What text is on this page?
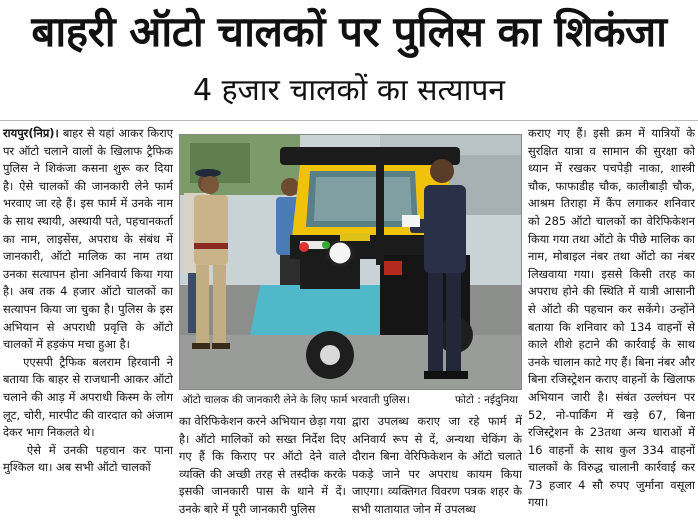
बाहरी ऑटो चालकों पर पुलिस का शिकंजा
4 हजार चालकों का सत्यापन

रायपुर(निप्र)। बाहर से यहां आकर किराए पर ऑटो चलाने वालों के खिलाफ ट्रैफिक पुलिस ने शिकंजा कसना शुरू कर दिया है। ऐसे चालकों की जानकारी लेने फार्म भरवाए जा रहे हैं। इस फार्म में उनके नाम के साथ स्थायी, अस्थायी पते, पहचानकर्ता का नाम, लाइसेंस, अपराध के संबंध में जानकारी, ऑटो मालिक का नाम तथा उनका सत्यापन होना अनिवार्य किया गया है। अब तक 4 हजार ऑटो चालकों का सत्यापन किया जा चुका है। पुलिस के इस अभियान से अपराधी प्रवृत्ति के ऑटो चालकों में हड़कंप मचा हुआ है।

एएसपी ट्रैफिक बलराम हिरवानी ने बताया कि बाहर से राजधानी आकर ऑटो चलाने की आड़ में अपराधी किस्म के लोग लूट, चोरी, मारपीट की वारदात को अंजाम देकर भाग निकलते थे।

ऐसे में उनकी पहचान कर पाना मुश्किल था। अब सभी ऑटो चालकों

ऑटो चालक की जानकारी लेने के लिए फार्म भरवाती पुलिस।	फोटो : नईदुनिया

का वेरिफिकेशन करने अभियान छेड़ा गया है। ऑटो मालिकों को सख्त निर्देश दिए गए हैं कि किराए पर ऑटो देने वाले व्यक्ति की अच्छी तरह से तस्दीक करके इसकी जानकारी पास के थाने में दें। उनके बारे में पूरी जानकारी पुलिस

द्वारा उपलब्ध कराए जा रहे फार्म में अनिवार्य रूप से दें, अन्यथा चेकिंग के दौरान बिना वेरिफिकेशन के ऑटो चलाते पकड़े जाने पर अपराध कायम किया जाएगा। व्यक्तिगत विवरण पत्रक शहर के सभी यातायात जोन में उपलब्ध

कराए गए हैं। इसी क्रम में यात्रियों के सुरक्षित यात्रा व सामान की सुरक्षा को ध्यान में रखकर पचपेड़ी नाका, शास्त्री चौक, फाफाडीह चौक, कालीबाड़ी चौक, आश्रम तिराहा में कैंप लगाकर शनिवार को 285 ऑटो चालकों का वेरिफिकेशन किया गया तथा ऑटो के पीछे मालिक का नाम, मोबाइल नंबर तथा ऑटो का नंबर लिखवाया गया। इससे किसी तरह का अपराध होने की स्थिति में यात्री आसानी से ऑटो की पहचान कर सकेंगे। उन्होंने बताया कि शनिवार को 134 वाहनों से काले शीशे हटाने की कार्रवाई के साथ उनके चालान काटे गए हैं। बिना नंबर और बिना रजिस्ट्रेशन कराए वाहनों के खिलाफ अभियान जारी है। संबंत उल्लंघन पर 52, नो-पार्किंग में खड़े 67, बिना रजिस्ट्रेशन के 23तथा अन्य धाराओं में 16 वाहनों के साथ कुल 334 वाहनों चालकों के विरुद्ध चालानी कार्रवाई कर 73 हजार 4 सौ रुपए जुर्माना वसूला गया।
